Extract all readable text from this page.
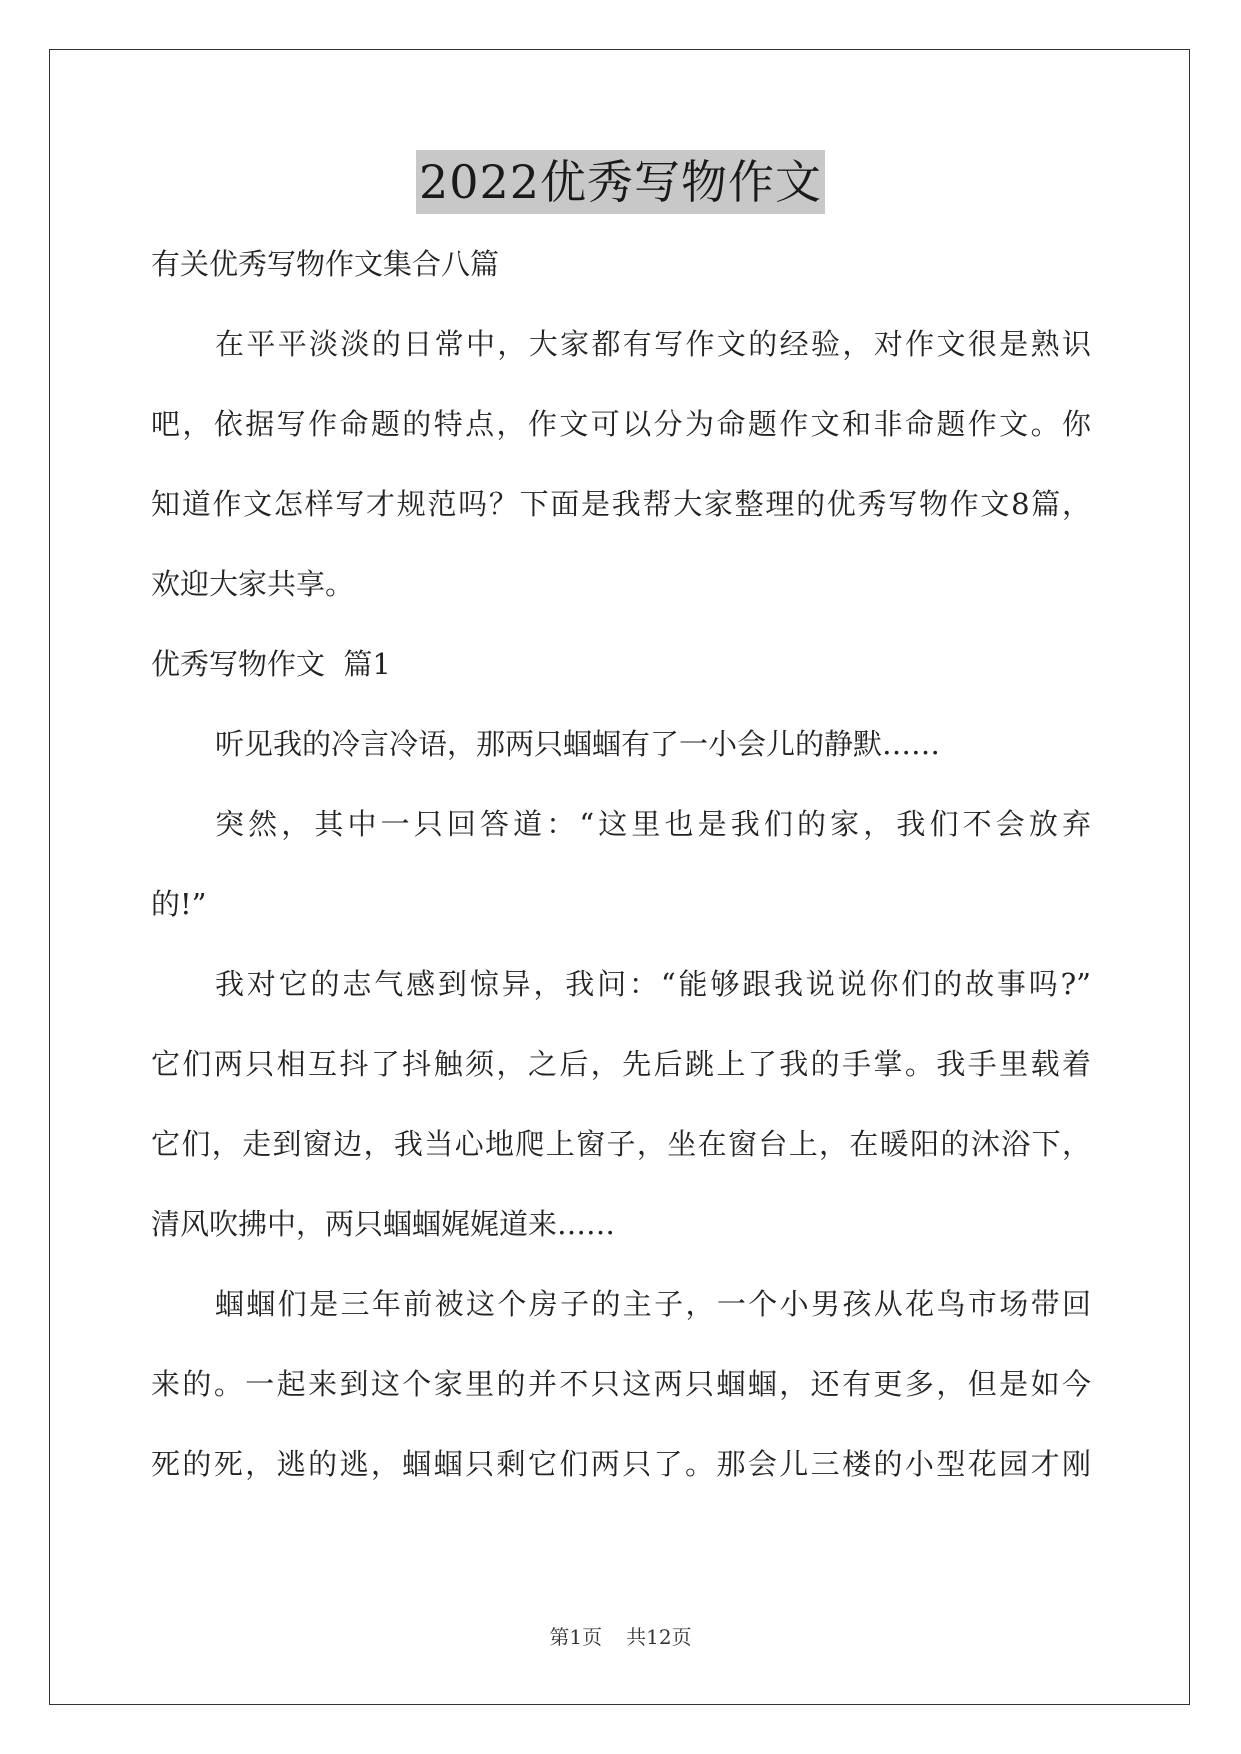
2022优秀写物作文
有关优秀写物作文集合八篇
在平平淡淡的日常中，大家都有写作文的经验，对作文很是熟识
吧，依据写作命题的特点，作文可以分为命题作文和非命题作文。你
知道作文怎样写才规范吗？下面是我帮大家整理的优秀写物作文8篇，
欢迎大家共享。
优秀写物作文  篇1
听见我的冷言冷语，那两只蝈蝈有了一小会儿的静默……
突然，其中一只回答道：“这里也是我们的家，我们不会放弃
的!”
我对它的志气感到惊异，我问：“能够跟我说说你们的故事吗?”
它们两只相互抖了抖触须，之后，先后跳上了我的手掌。我手里载着
它们，走到窗边，我当心地爬上窗子，坐在窗台上，在暖阳的沐浴下，
清风吹拂中，两只蝈蝈娓娓道来……
蝈蝈们是三年前被这个房子的主子，一个小男孩从花鸟市场带回
来的。一起来到这个家里的并不只这两只蝈蝈，还有更多，但是如今
死的死，逃的逃，蝈蝈只剩它们两只了。那会儿三楼的小型花园才刚
第1页 共12页
